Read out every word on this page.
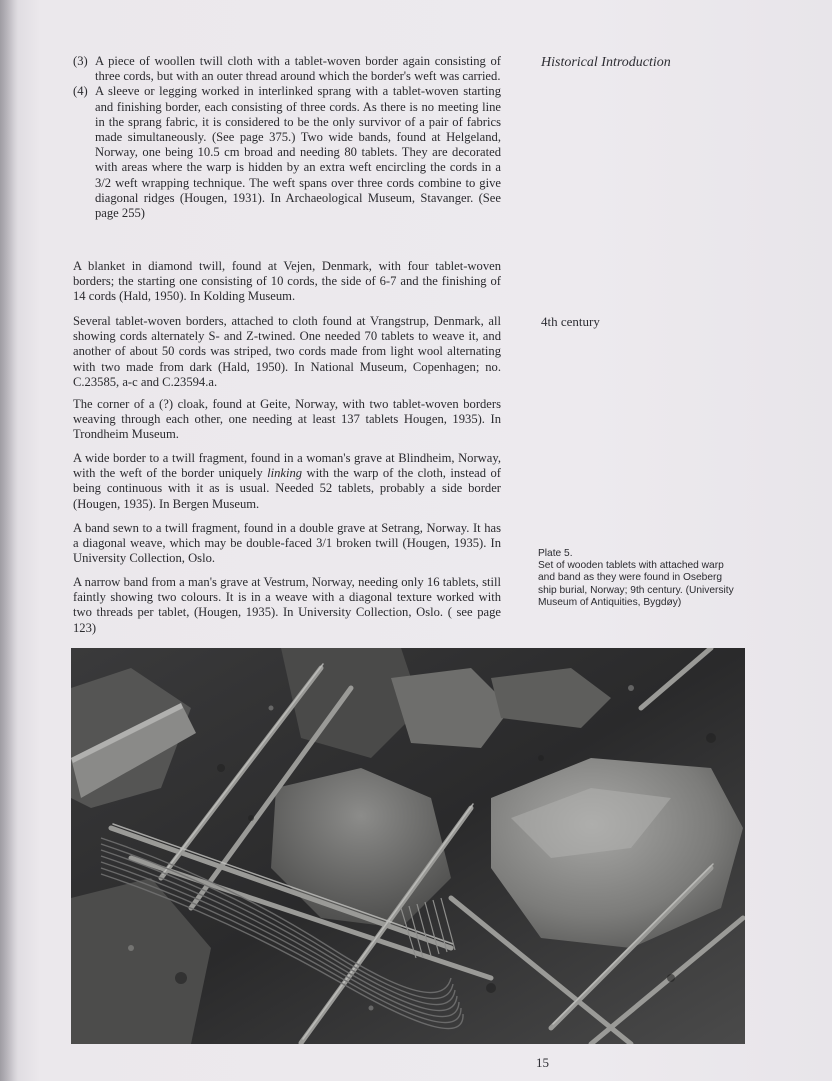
(3) A piece of woollen twill cloth with a tablet-woven border again consisting of three cords, but with an outer thread around which the border's weft was carried.

(4) A sleeve or legging worked in interlinked sprang with a tablet-woven starting and finishing border, each consisting of three cords. As there is no meeting line in the sprang fabric, it is considered to be the only survivor of a pair of fabrics made simultaneously. (See page 375.) Two wide bands, found at Helgeland, Norway, one being 10.5 cm broad and needing 80 tablets. They are decorated with areas where the warp is hidden by an extra weft encircling the cords in a 3/2 weft wrapping technique. The weft spans over three cords combine to give diagonal ridges (Hougen, 1931). In Archaeological Museum, Stavanger. (See page 255)

A blanket in diamond twill, found at Vejen, Denmark, with four tablet-woven borders; the starting one consisting of 10 cords, the side of 6-7 and the finishing of 14 cords (Hald, 1950). In Kolding Museum.

Several tablet-woven borders, attached to cloth found at Vrangstrup, Denmark, all showing cords alternately S- and Z-twined. One needed 70 tablets to weave it, and another of about 50 cords was striped, two cords made from light wool alternating with two made from dark (Hald, 1950). In National Museum, Copenhagen; no. C.23585, a-c and C.23594.a.

The corner of a (?) cloak, found at Geite, Norway, with two tablet-woven borders weaving through each other, one needing at least 137 tablets Hougen, 1935). In Trondheim Museum.

A wide border to a twill fragment, found in a woman's grave at Blindheim, Norway, with the weft of the border uniquely linking with the warp of the cloth, instead of being continuous with it as is usual. Needed 52 tablets, probably a side border (Hougen, 1935). In Bergen Museum.

A band sewn to a twill fragment, found in a double grave at Setrang, Norway. It has a diagonal weave, which may be double-faced 3/1 broken twill (Hougen, 1935). In University Collection, Oslo.

A narrow band from a man's grave at Vestrum, Norway, needing only 16 tablets, still faintly showing two colours. It is in a weave with a diagonal texture worked with two threads per tablet, (Hougen, 1935). In University Collection, Oslo. ( see page 123)

Historical Introduction
4th century

Plate 5.

Set of wooden tablets with attached warp and band as they were found in Oseberg ship burial, Norway; 9th century. (University Museum of Antiquities, Bygdøy)

15
